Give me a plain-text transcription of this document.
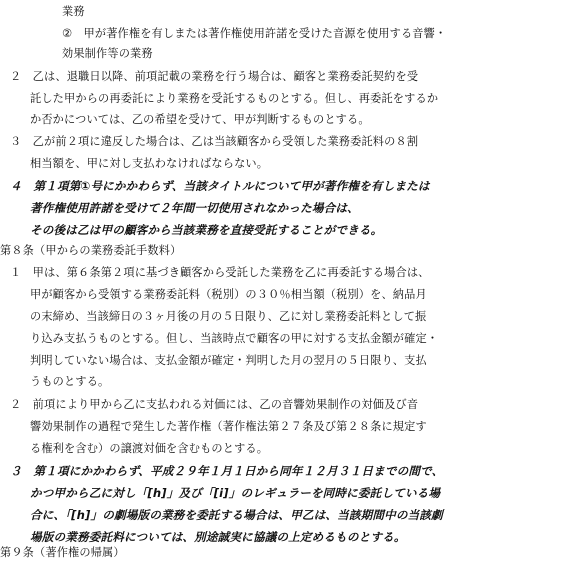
業務
②　甲が著作権を有しまたは著作権使用許諾を受けた音源を使用する音響・
効果制作等の業務
２　乙は、退職日以降、前項記載の業務を行う場合は、顧客と業務委託契約を受
託した甲からの再委託により業務を受託するものとする。但し、再委託をするか
か否かについては、乙の希望を受けて、甲が判断するものとする。
３　乙が前２項に違反した場合は、乙は当該顧客から受領した業務委託料の８割
相当額を、甲に対し支払わなければならない。
４　第１項第①号にかかわらず、当該タイトルについて甲が著作権を有しまたは
著作権使用許諾を受けて２年間一切使用されなかった場合は、
その後は乙は甲の顧客から当該業務を直接受託することができる。
第８条（甲からの業務委託手数料）
１　甲は、第６条第２項に基づき顧客から受託した業務を乙に再委託する場合は、
甲が顧客から受領する業務委託料（税別）の３０％相当額（税別）を、納品月
の末締め、当該締日の３ヶ月後の月の５日限り、乙に対し業務委託料として振
り込み支払うものとする。但し、当該時点で顧客の甲に対する支払金額が確定・
判明していない場合は、支払金額が確定・判明した月の翌月の５日限り、支払
うものとする。
２　前項により甲から乙に支払われる対価には、乙の音響効果制作の対価及び音
響効果制作の過程で発生した著作権（著作権法第２７条及び第２８条に規定す
る権利を含む）の譲渡対価を含むものとする。
３　第１項にかかわらず、平成２９年１月１日から同年１２月３１日までの間で、
かつ甲から乙に対し「[h]」及び「[i]」のレギュラーを同時に委託している場
合に、「[h]」の劇場版の業務を委託する場合は、甲乙は、当該期間中の当該劇
場版の業務委託料については、別途誠実に協議の上定めるものとする。
第９条（著作権の帰属）
